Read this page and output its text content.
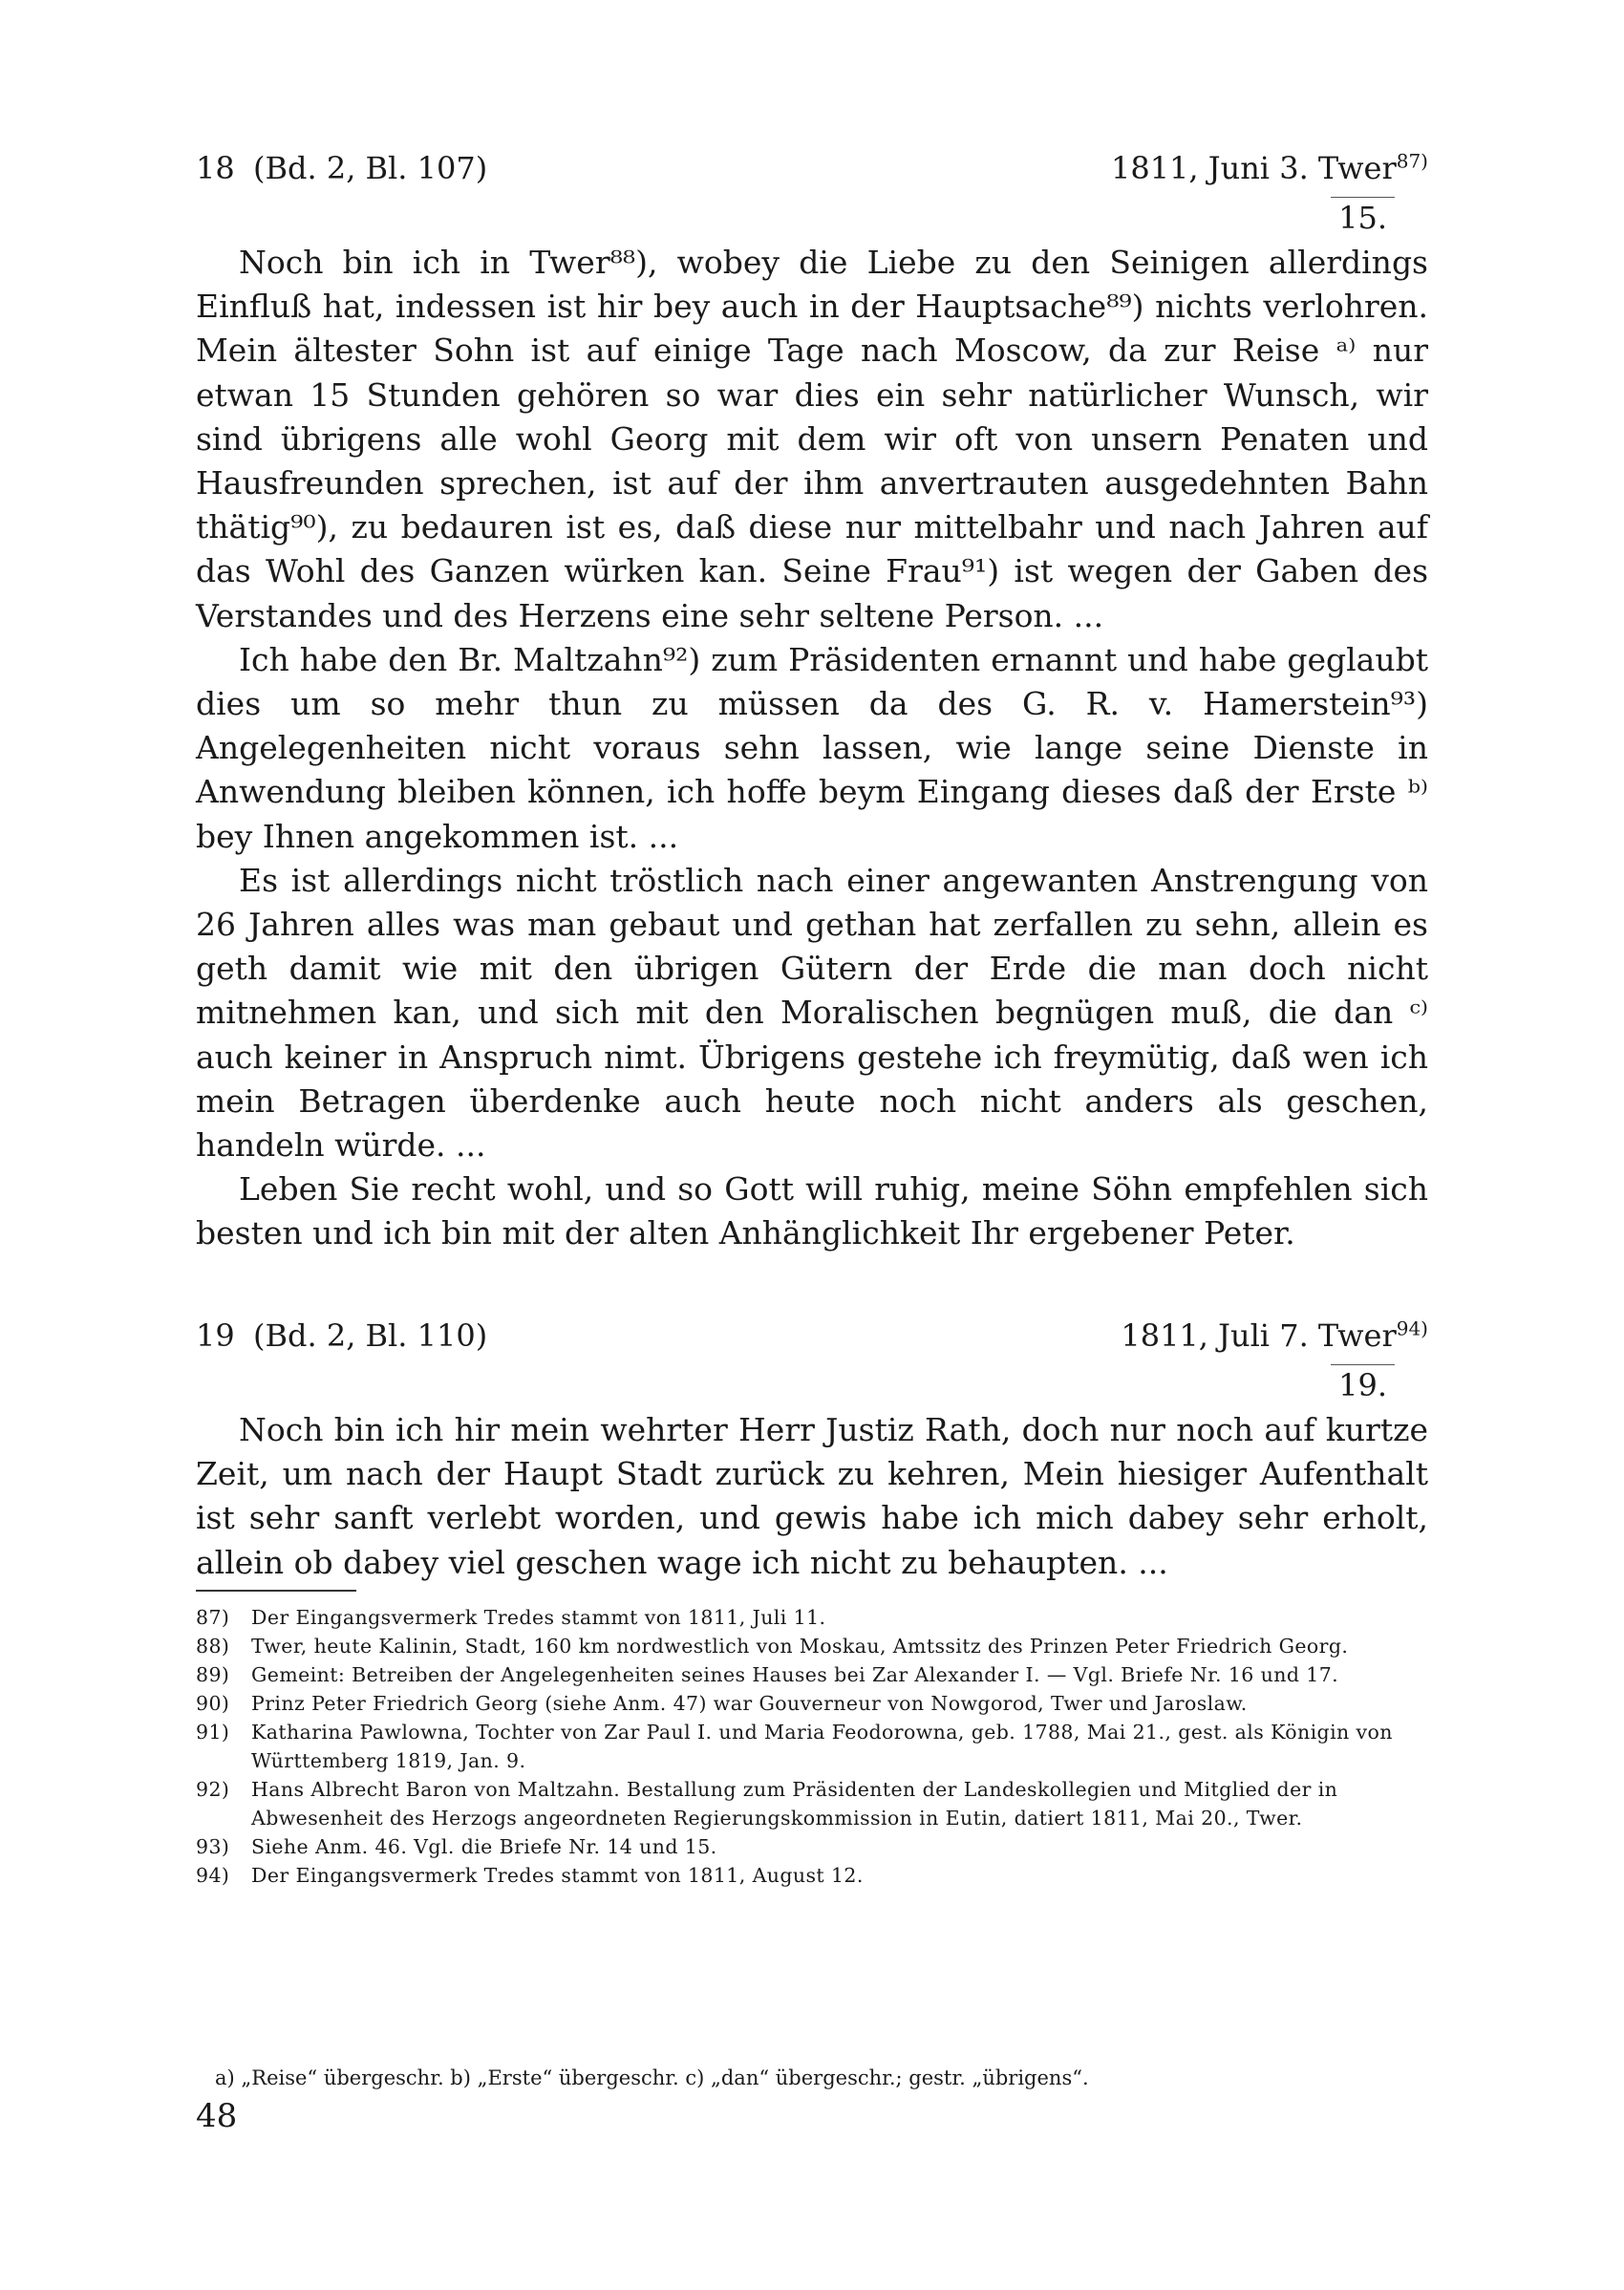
18 (Bd. 2, Bl. 107)	1811, Juni 3. Twer$^{87)}$
15.

Noch bin ich in Twer⁸⁸), wobey die Liebe zu den Seinigen allerdings Einfluß hat, indessen ist hir bey auch in der Hauptsache⁸⁹) nichts verlohren. Mein ältester Sohn ist auf einige Tage nach Moscow, da zur Reise ᵃ⁾ nur etwan 15 Stunden gehören so war dies ein sehr natürlicher Wunsch, wir sind übrigens alle wohl Georg mit dem wir oft von unsern Penaten und Hausfreunden sprechen, ist auf der ihm anvertrauten ausgedehnten Bahn thätig⁹⁰), zu bedauren ist es, daß diese nur mittelbahr und nach Jahren auf das Wohl des Ganzen würken kan. Seine Frau⁹¹) ist wegen der Gaben des Verstandes und des Herzens eine sehr seltene Person. ...

Ich habe den Br. Maltzahn⁹²) zum Präsidenten ernannt und habe geglaubt dies um so mehr thun zu müssen da des G. R. v. Hamerstein⁹³) Angelegenheiten nicht voraus sehn lassen, wie lange seine Dienste in Anwendung bleiben können, ich hoffe beym Eingang dieses daß der Erste ᵇ⁾ bey Ihnen angekommen ist. ...

Es ist allerdings nicht tröstlich nach einer angewanten Anstrengung von 26 Jahren alles was man gebaut und gethan hat zerfallen zu sehn, allein es geth damit wie mit den übrigen Gütern der Erde die man doch nicht mitnehmen kan, und sich mit den Moralischen begnügen muß, die dan ᶜ⁾ auch keiner in Anspruch nimt. Übrigens gestehe ich freymütig, daß wen ich mein Betragen überdenke auch heute noch nicht anders als geschen, handeln würde. ...

Leben Sie recht wohl, und so Gott will ruhig, meine Söhn empfehlen sich besten und ich bin mit der alten Anhänglichkeit Ihr ergebener Peter.

19 (Bd. 2, Bl. 110)	1811, Juli 7. Twer$^{94)}$
19.

Noch bin ich hir mein wehrter Herr Justiz Rath, doch nur noch auf kurtze Zeit, um nach der Haupt Stadt zurück zu kehren, Mein hiesiger Aufenthalt ist sehr sanft verlebt worden, und gewis habe ich mich dabey sehr erholt, allein ob dabey viel geschen wage ich nicht zu behaupten. ...

87) Der Eingangsvermerk Tredes stammt von 1811, Juli 11.
88) Twer, heute Kalinin, Stadt, 160 km nordwestlich von Moskau, Amtssitz des Prinzen Peter Friedrich Georg.
89) Gemeint: Betreiben der Angelegenheiten seines Hauses bei Zar Alexander I. — Vgl. Briefe Nr. 16 und 17.
90) Prinz Peter Friedrich Georg (siehe Anm. 47) war Gouverneur von Nowgorod, Twer und Jaroslaw.
91) Katharina Pawlowna, Tochter von Zar Paul I. und Maria Feodorowna, geb. 1788, Mai 21., gest. als Königin von Württemberg 1819, Jan. 9.
92) Hans Albrecht Baron von Maltzahn. Bestallung zum Präsidenten der Landeskollegien und Mitglied der in Abwesenheit des Herzogs angeordneten Regierungskommission in Eutin, datiert 1811, Mai 20., Twer.
93) Siehe Anm. 46. Vgl. die Briefe Nr. 14 und 15.
94) Der Eingangsvermerk Tredes stammt von 1811, August 12.
a) „Reise“ übergeschr. b) „Erste“ übergeschr. c) „dan“ übergeschr.; gestr. „übrigens“.
48
